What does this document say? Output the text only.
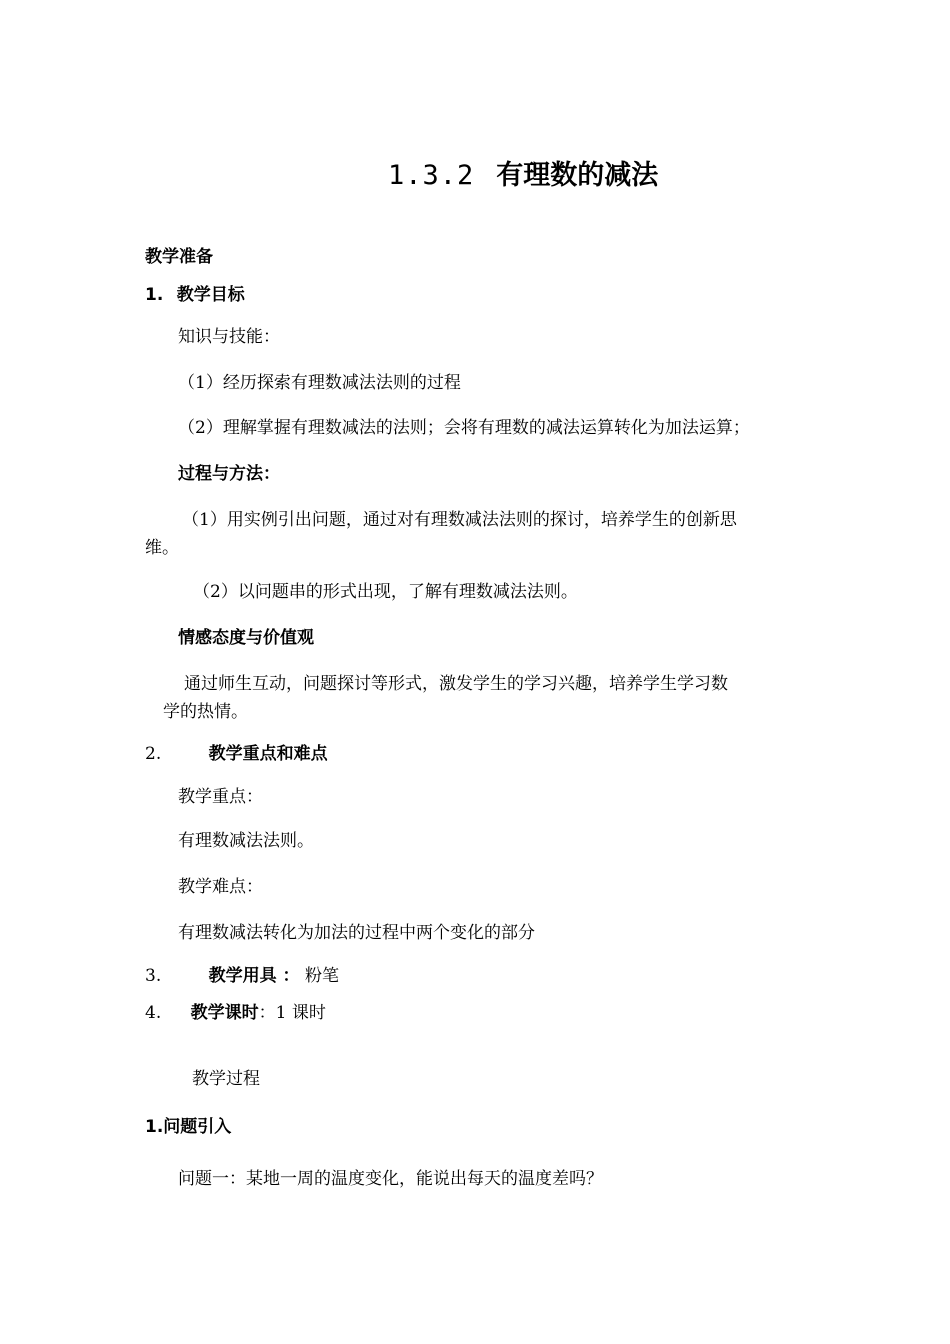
1.3.2 有理数的减法
教学准备
1. 教学目标
知识与技能：
（1）经历探索有理数减法法则的过程
（2）理解掌握有理数减法的法则；会将有理数的减法运算转化为加法运算；
过程与方法：
（1）用实例引出问题，通过对有理数减法法则的探讨，培养学生的创新思
维。
（2）以问题串的形式出现，了解有理数减法法则。
情感态度与价值观
通过师生互动，问题探讨等形式，激发学生的学习兴趣，培养学生学习数
学的热情。
2.	教学重点和难点
教学重点：
有理数减法法则。
教学难点：
有理数减法转化为加法的过程中两个变化的部分
3.	教学用具 ： 粉笔
4. 教学课时：1 课时
教学过程
1.问题引入
问题一：某地一周的温度变化，能说出每天的温度差吗？
